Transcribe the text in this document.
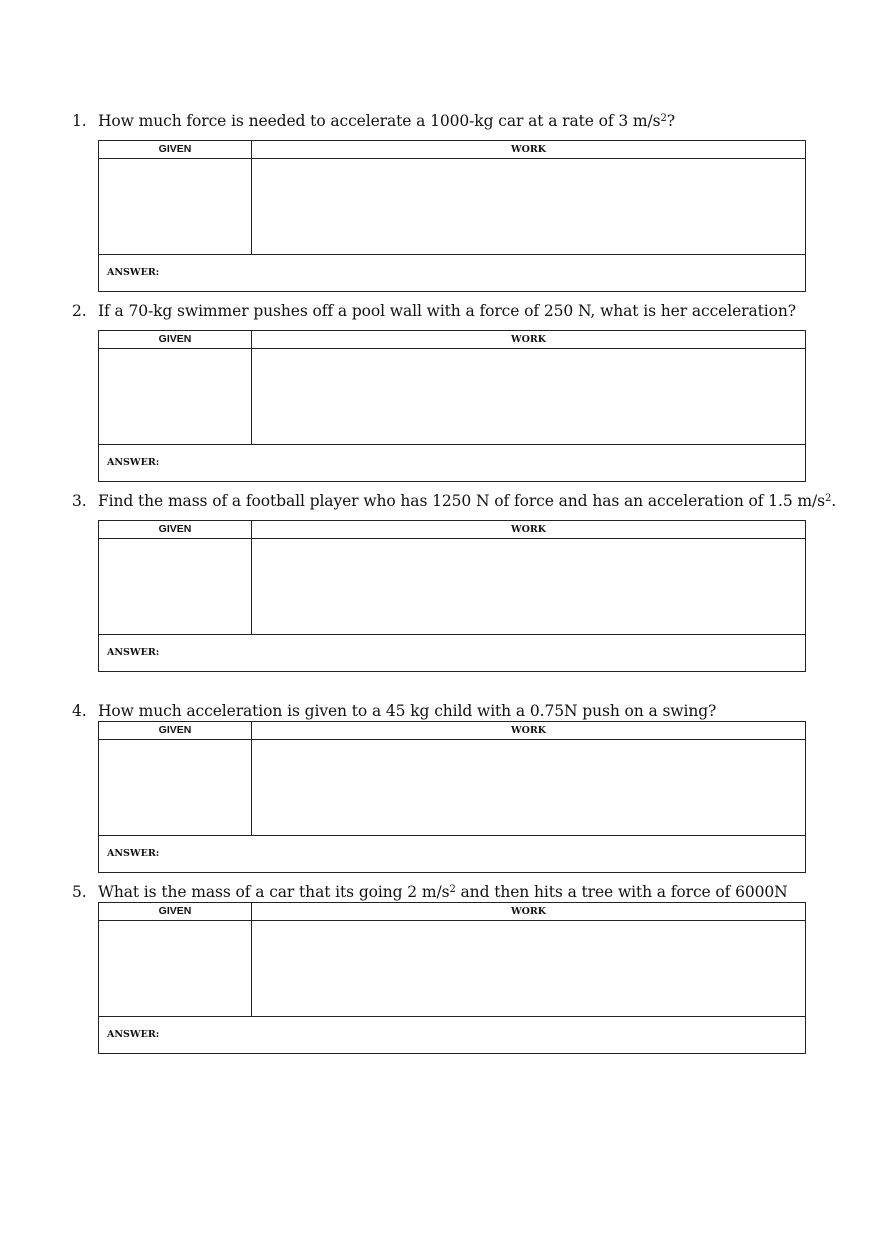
1. How much force is needed to accelerate a 1000-kg car at a rate of 3 $m/s^2$?
GIVEN	WORK
ANSWER:
2. If a 70-kg swimmer pushes off a pool wall with a force of 250 N, what is her acceleration?
GIVEN	WORK
ANSWER:
3. Find the mass of a football player who has 1250 N of force and has an acceleration of 1.5 $m/s^2$.
GIVEN	WORK
ANSWER:
4. How much acceleration is given to a 45 kg child with a 0.75N push on a swing?
GIVEN	WORK
ANSWER:
5. What is the mass of a car that its going 2 $m/s^2$ and then hits a tree with a force of 6000N
GIVEN	WORK
ANSWER:
